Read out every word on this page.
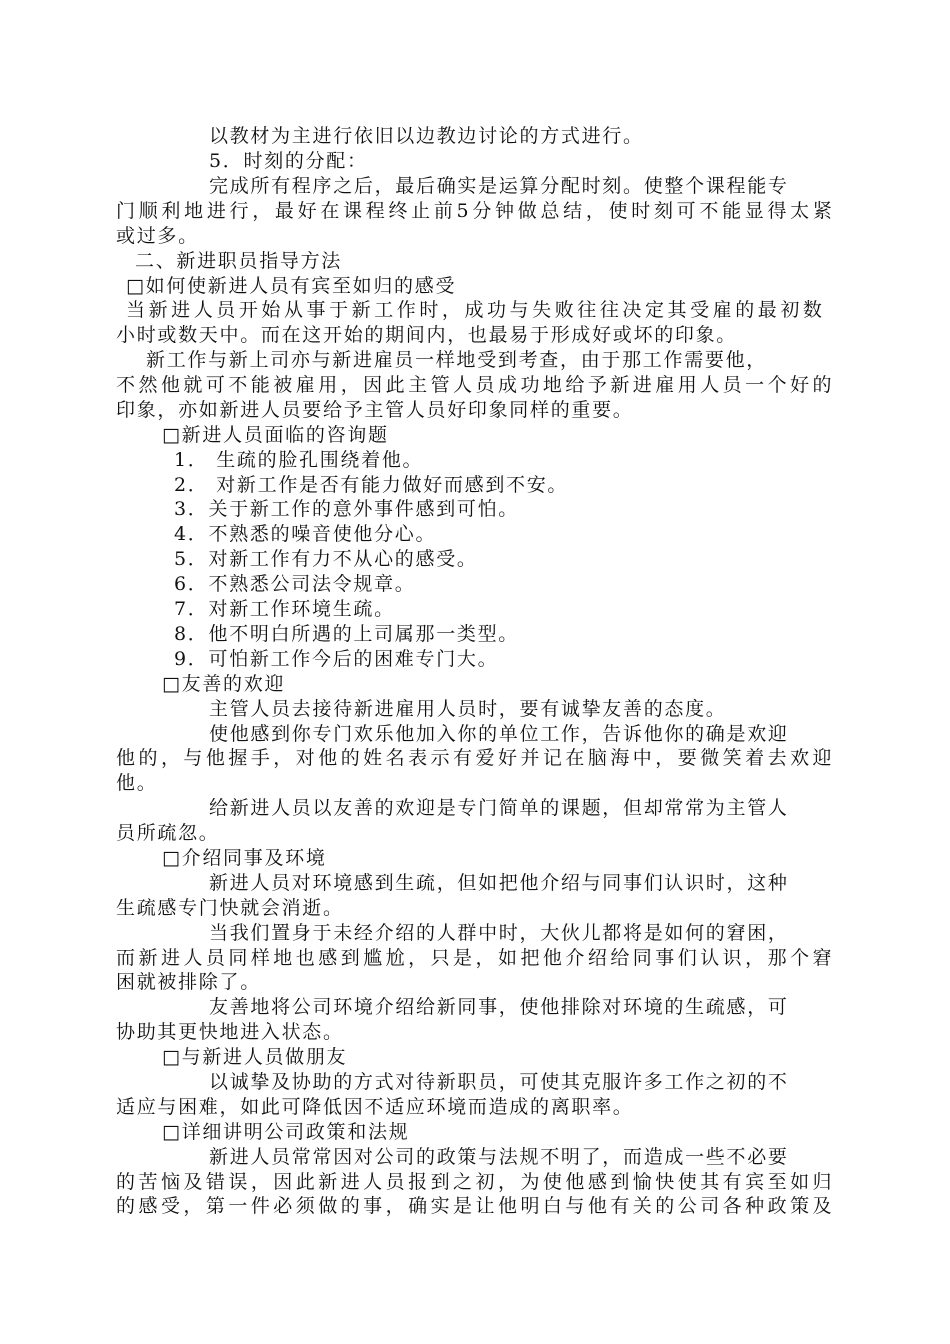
以教材为主进行依旧以边教边讨论的方式进行。
5．时刻的分配：
完成所有程序之后，最后确实是运算分配时刻。使整个课程能专
门 顺 利 地 进 行 ， 最 好 在 课 程 终 止 前 5 分 钟 做 总 结 ， 使 时 刻 可 不 能 显 得 太 紧
或过多。
二、新进职员指导方法
□如何使新进人员有宾至如归的感受
当 新 进 人 员 开 始 从 事 于 新 工 作 时 ， 成 功 与 失 败 往 往 决 定 其 受 雇 的 最 初 数
小时或数天中。而在这开始的期间内，也最易于形成好或坏的印象。
新工作与新上司亦与新进雇员一样地受到考查，由于那工作需要他，
不 然 他 就 可 不 能 被 雇 用 ， 因 此 主 管 人 员 成 功 地 给 予 新 进 雇 用 人 员 一 个 好 的
印象，亦如新进人员要给予主管人员好印象同样的重要。
□新进人员面临的咨询题
1． 生疏的脸孔围绕着他。
2． 对新工作是否有能力做好而感到不安。
3．关于新工作的意外事件感到可怕。
4．不熟悉的噪音使他分心。
5．对新工作有力不从心的感受。
6．不熟悉公司法令规章。
7．对新工作环境生疏。
8．他不明白所遇的上司属那一类型。
9．可怕新工作今后的困难专门大。
□友善的欢迎
主管人员去接待新进雇用人员时，要有诚挚友善的态度。
使他感到你专门欢乐他加入你的单位工作，告诉他你的确是欢迎
他 的 ， 与 他 握 手 ， 对 他 的 姓 名 表 示 有 爱 好 并 记 在 脑 海 中 ， 要 微 笑 着 去 欢 迎
他。
给新进人员以友善的欢迎是专门简单的课题，但却常常为主管人
员所疏忽。
□介绍同事及环境
新进人员对环境感到生疏，但如把他介绍与同事们认识时，这种
生疏感专门快就会消逝。
当我们置身于未经介绍的人群中时，大伙儿都将是如何的窘困，
而 新 进 人 员 同 样 地 也 感 到 尴 尬 ， 只 是 ， 如 把 他 介 绍 给 同 事 们 认 识 ， 那 个 窘
困就被排除了。
友善地将公司环境介绍给新同事，使他排除对环境的生疏感，可
协助其更快地进入状态。
□与新进人员做朋友
以诚挚及协助的方式对待新职员，可使其克服许多工作之初的不
适应与困难，如此可降低因不适应环境而造成的离职率。
□详细讲明公司政策和法规
新进人员常常因对公司的政策与法规不明了，而造成一些不必要
的 苦 恼 及 错 误 ， 因 此 新 进 人 员 报 到 之 初 ， 为 使 他 感 到 愉 快 使 其 有 宾 至 如 归
的 感 受 ， 第 一 件 必 须 做 的 事 ， 确 实 是 让 他 明 白 与 他 有 关 的 公 司 各 种 政 策 及
